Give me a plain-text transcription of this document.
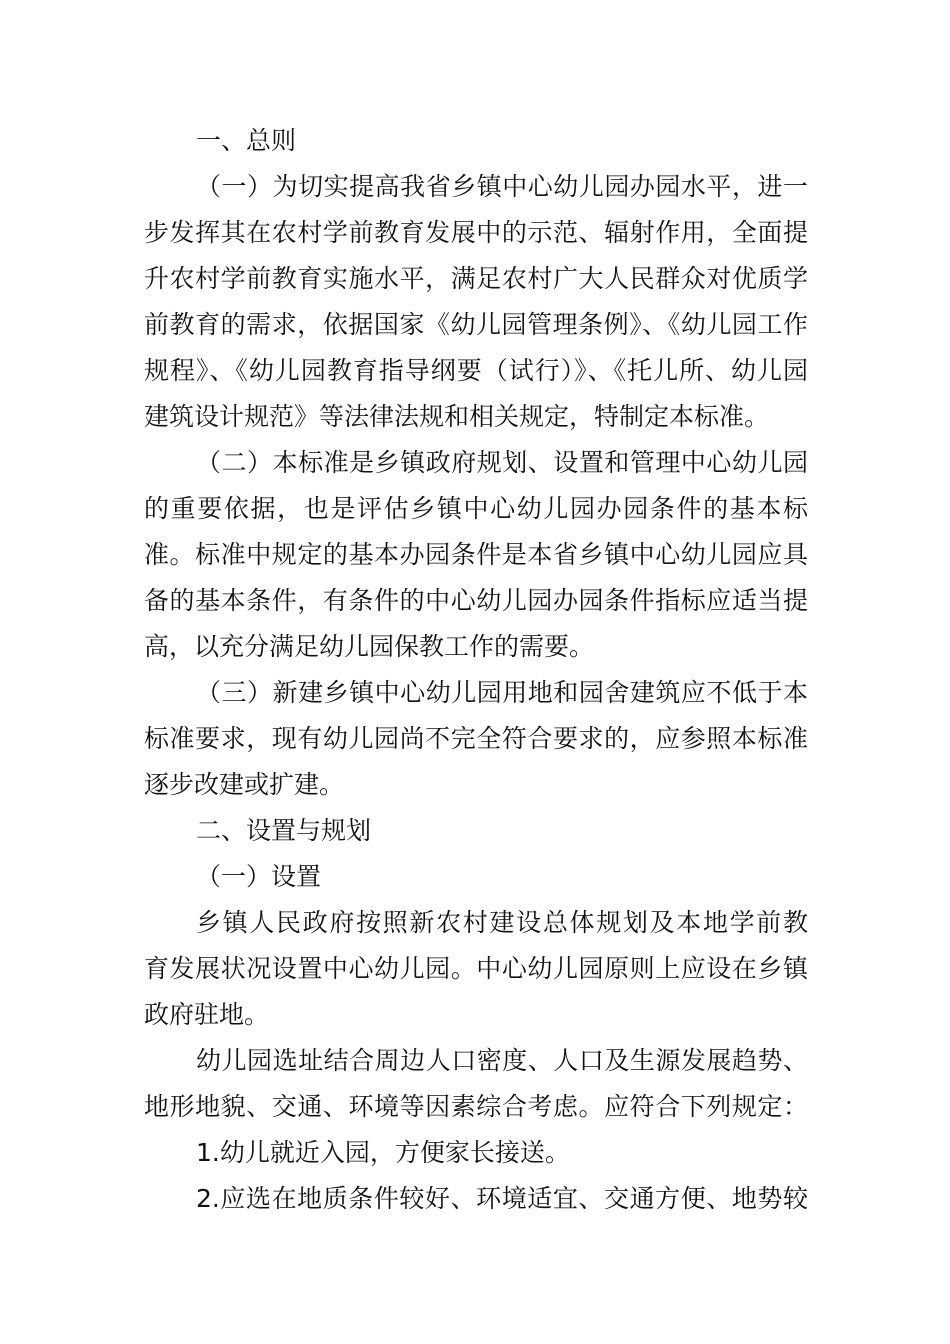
一、总则
（一）为切实提高我省乡镇中心幼儿园办园水平，进一
步发挥其在农村学前教育发展中的示范、辐射作用，全面提
升农村学前教育实施水平，满足农村广大人民群众对优质学
前教育的需求，依据国家《幼儿园管理条例》、《幼儿园工作
规程》、《幼儿园教育指导纲要（试行）》、《托儿所、幼儿园
建筑设计规范》等法律法规和相关规定，特制定本标准。
（二）本标准是乡镇政府规划、设置和管理中心幼儿园
的重要依据，也是评估乡镇中心幼儿园办园条件的基本标
准。标准中规定的基本办园条件是本省乡镇中心幼儿园应具
备的基本条件，有条件的中心幼儿园办园条件指标应适当提
高，以充分满足幼儿园保教工作的需要。
（三）新建乡镇中心幼儿园用地和园舍建筑应不低于本
标准要求，现有幼儿园尚不完全符合要求的，应参照本标准
逐步改建或扩建。
二、设置与规划
（一）设置
乡镇人民政府按照新农村建设总体规划及本地学前教
育发展状况设置中心幼儿园。中心幼儿园原则上应设在乡镇
政府驻地。
幼儿园选址结合周边人口密度、人口及生源发展趋势、
地形地貌、交通、环境等因素综合考虑。应符合下列规定：
1.幼儿就近入园，方便家长接送。
2.应选在地质条件较好、环境适宜、交通方便、地势较
